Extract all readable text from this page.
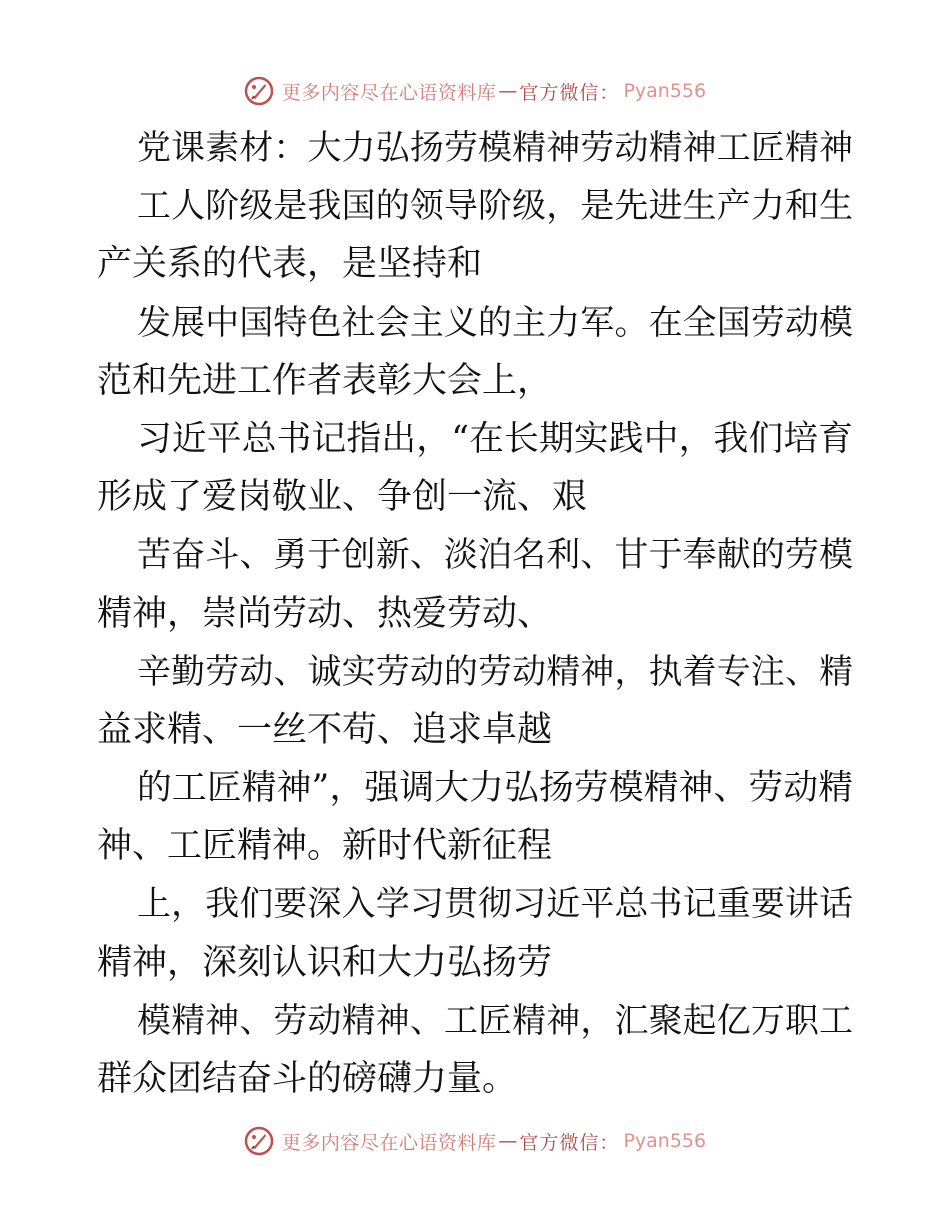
更多内容尽在心语资料库 — 官方微信： Pyan556
党课素材：大力弘扬劳模精神劳动精神工匠精神
工人阶级是我国的领导阶级，是先进生产力和生
产关系的代表，是坚持和
发展中国特色社会主义的主力军。在全国劳动模
范和先进工作者表彰大会上，
习近平总书记指出，“在长期实践中，我们培育
形成了爱岗敬业、争创一流、艰
苦奋斗、勇于创新、淡泊名利、甘于奉献的劳模
精神，崇尚劳动、热爱劳动、
辛勤劳动、诚实劳动的劳动精神，执着专注、精
益求精、一丝不苟、追求卓越
的工匠精神”，强调大力弘扬劳模精神、劳动精
神、工匠精神。新时代新征程
上，我们要深入学习贯彻习近平总书记重要讲话
精神，深刻认识和大力弘扬劳
模精神、劳动精神、工匠精神，汇聚起亿万职工
群众团结奋斗的磅礴力量。
更多内容尽在心语资料库 — 官方微信： Pyan556
